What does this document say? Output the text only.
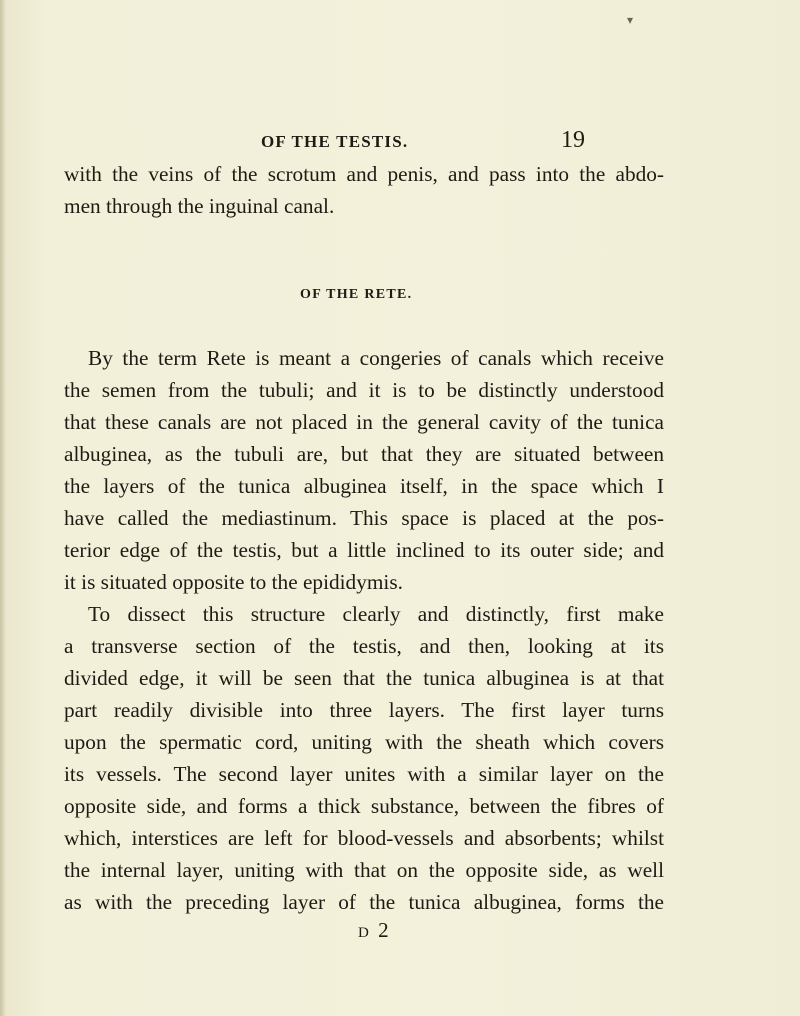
▾
OF THE TESTIS.	19
with the veins of the scrotum and penis, and pass into the abdo-
men through the inguinal canal.
By the term Rete is meant a congeries of canals which receive
the semen from the tubuli; and it is to be distinctly understood
that these canals are not placed in the general cavity of the tunica
albuginea, as the tubuli are, but that they are situated between
the layers of the tunica albuginea itself, in the space which I
have called the mediastinum. This space is placed at the pos-
terior edge of the testis, but a little inclined to its outer side; and
it is situated opposite to the epididymis.
To dissect this structure clearly and distinctly, first make
a transverse section of the testis, and then, looking at its
divided edge, it will be seen that the tunica albuginea is at that
part readily divisible into three layers. The first layer turns
upon the spermatic cord, uniting with the sheath which covers
its vessels. The second layer unites with a similar layer on the
opposite side, and forms a thick substance, between the fibres of
which, interstices are left for blood-vessels and absorbents; whilst
the internal layer, uniting with that on the opposite side, as well
as with the preceding layer of the tunica albuginea, forms the
OF THE RETE.
D 2
